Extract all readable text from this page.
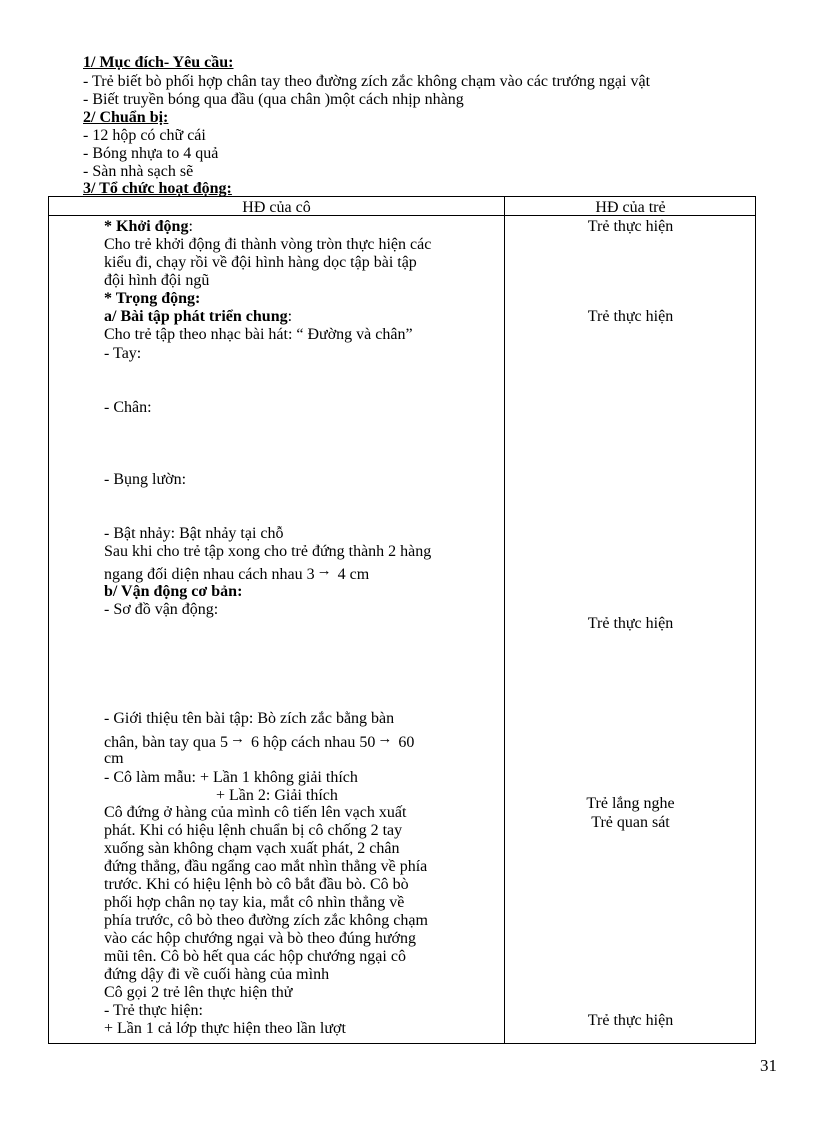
1/ Mục đích- Yêu cầu:
- Trẻ biết bò phối hợp chân tay theo đường zích zắc không chạm vào các trướng ngại vật
- Biết truyền bóng qua đầu (qua chân )một cách nhịp nhàng
2/ Chuẩn bị:
- 12 hộp có chữ cái
- Bóng nhựa to 4 quả
- Sàn nhà sạch sẽ
3/ Tổ chức hoạt động:
HĐ của cô	HĐ của trẻ
* Khởi động:
Cho trẻ khởi động đi thành vòng tròn thực hiện các
kiểu đi, chạy rồi về đội hình hàng dọc tập bài tập
đội hình đội ngũ
* Trọng động:
a/ Bài tập phát triển chung:
Cho trẻ tập theo nhạc bài hát: “ Đường và chân”
- Tay:
- Chân:
- Bụng lườn:
- Bật nhảy: Bật nhảy tại chỗ
Sau khi cho trẻ tập xong cho trẻ đứng thành 2 hàng
ngang đối diện nhau cách nhau 3 → 4 cm
b/ Vận động cơ bản:
- Sơ đồ vận động:
- Giới thiệu tên bài tập: Bò zích zắc bằng bàn
chân, bàn tay qua 5 → 6 hộp cách nhau 50 → 60
cm
- Cô làm mẫu: + Lần 1 không giải thích
+ Lần 2: Giải thích
Cô đứng ở hàng của mình cô tiến lên vạch xuất
phát. Khi có hiệu lệnh chuẩn bị cô chống 2 tay
xuống sàn không chạm vạch xuất phát, 2 chân
đứng thẳng, đầu ngẩng cao mắt nhìn thẳng về phía
trước. Khi có hiệu lệnh bò cô bắt đầu bò. Cô bò
phối hợp chân nọ tay kia, mắt cô nhìn thẳng về
phía trước, cô bò theo đường zích zắc không chạm
vào các hộp chướng ngại và bò theo đúng hướng
mũi tên. Cô bò hết qua các hộp chướng ngại cô
đứng dậy đi về cuối hàng của mình
Cô gọi 2 trẻ lên thực hiện thử
- Trẻ thực hiện:
+ Lần 1 cả lớp thực hiện theo lần lượt
Trẻ thực hiện
Trẻ thực hiện
Trẻ thực hiện
Trẻ lắng nghe
Trẻ quan sát
Trẻ thực hiện
31
